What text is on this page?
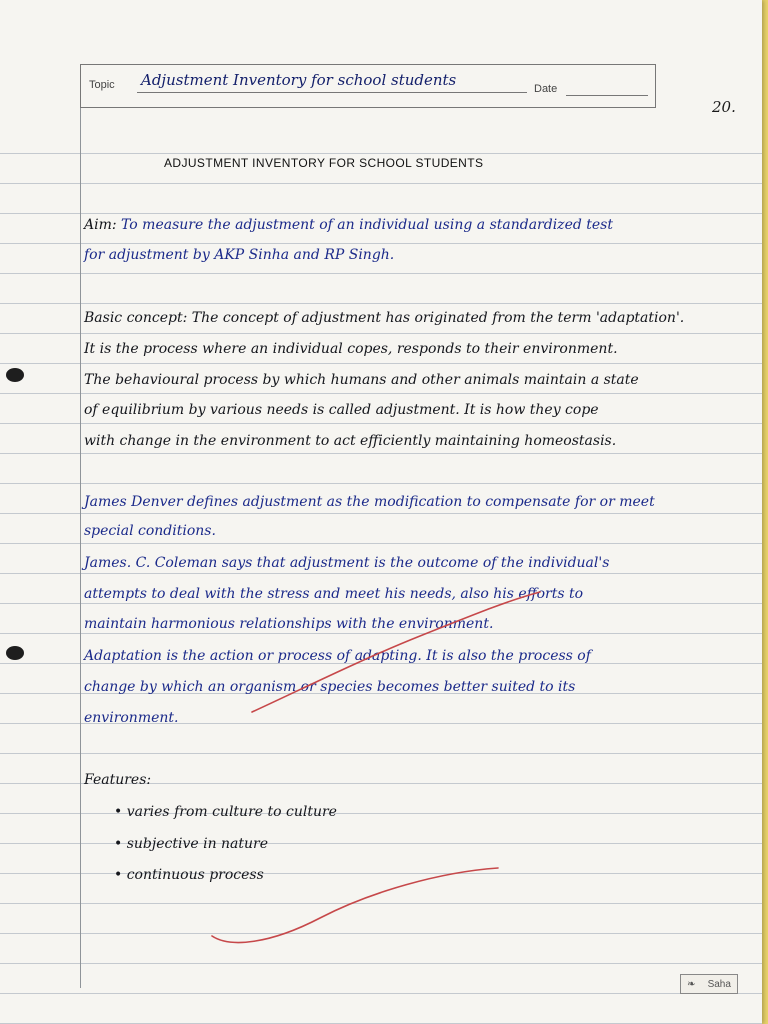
Topic Adjustment Inventory for school students	Date
20.
ADJUSTMENT INVENTORY FOR SCHOOL STUDENTS
Aim: To measure the adjustment of an individual using a standardized test
for adjustment by AKP Sinha and RP Singh.
Basic concept: The concept of adjustment has originated from the term 'adaptation'.
It is the process where an individual copes, responds to their environment.
The behavioural process by which humans and other animals maintain a state
of equilibrium by various needs is called adjustment. It is how they cope
with change in the environment to act efficiently maintaining homeostasis.
James Denver defines adjustment as the modification to compensate for or meet
special conditions.
James. C. Coleman says that adjustment is the outcome of the individual's
attempts to deal with the stress and meet his needs, also his efforts to
maintain harmonious relationships with the environment.
Adaptation is the action or process of adapting. It is also the process of
change by which an organism or species becomes better suited to its
environment.
Features:
• varies from culture to culture
• subjective in nature
• continuous process
❧ Saha
